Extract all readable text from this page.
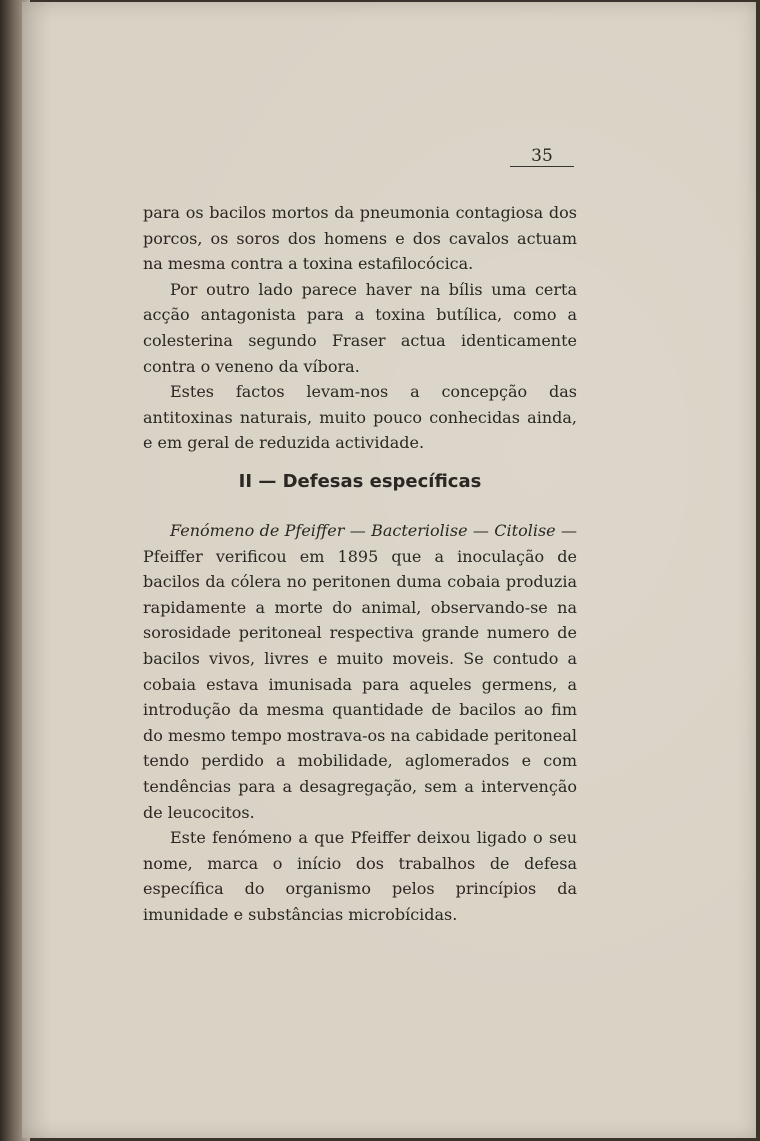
35

para os bacilos mortos da pneumonia contagiosa dos porcos, os soros dos homens e dos cavalos actuam na mesma contra a toxina estafilocócica.

Por outro lado parece haver na bílis uma certa acção antagonista para a toxina butílica, como a colesterina segundo Fraser actua identicamente contra o veneno da víbora.

Estes factos levam-nos a concepção das antitoxinas naturais, muito pouco conhecidas ainda, e em geral de reduzida actividade.

II — Defesas específicas

Fenómeno de Pfeiffer — Bacteriolise — Citolise — Pfeiffer verificou em 1895 que a inoculação de bacilos da cólera no peritonen duma cobaia produzia rapidamente a morte do animal, observando-se na sorosidade peritoneal respectiva grande numero de bacilos vivos, livres e muito moveis. Se contudo a cobaia estava imunisada para aqueles germens, a introdução da mesma quantidade de bacilos ao fim do mesmo tempo mostrava-os na cabidade peritoneal tendo perdido a mobilidade, aglomerados e com tendências para a desagregação, sem a intervenção de leucocitos.

Este fenómeno a que Pfeiffer deixou ligado o seu nome, marca o início dos trabalhos de defesa específica do organismo pelos princípios da imunidade e substâncias microbícidas.
